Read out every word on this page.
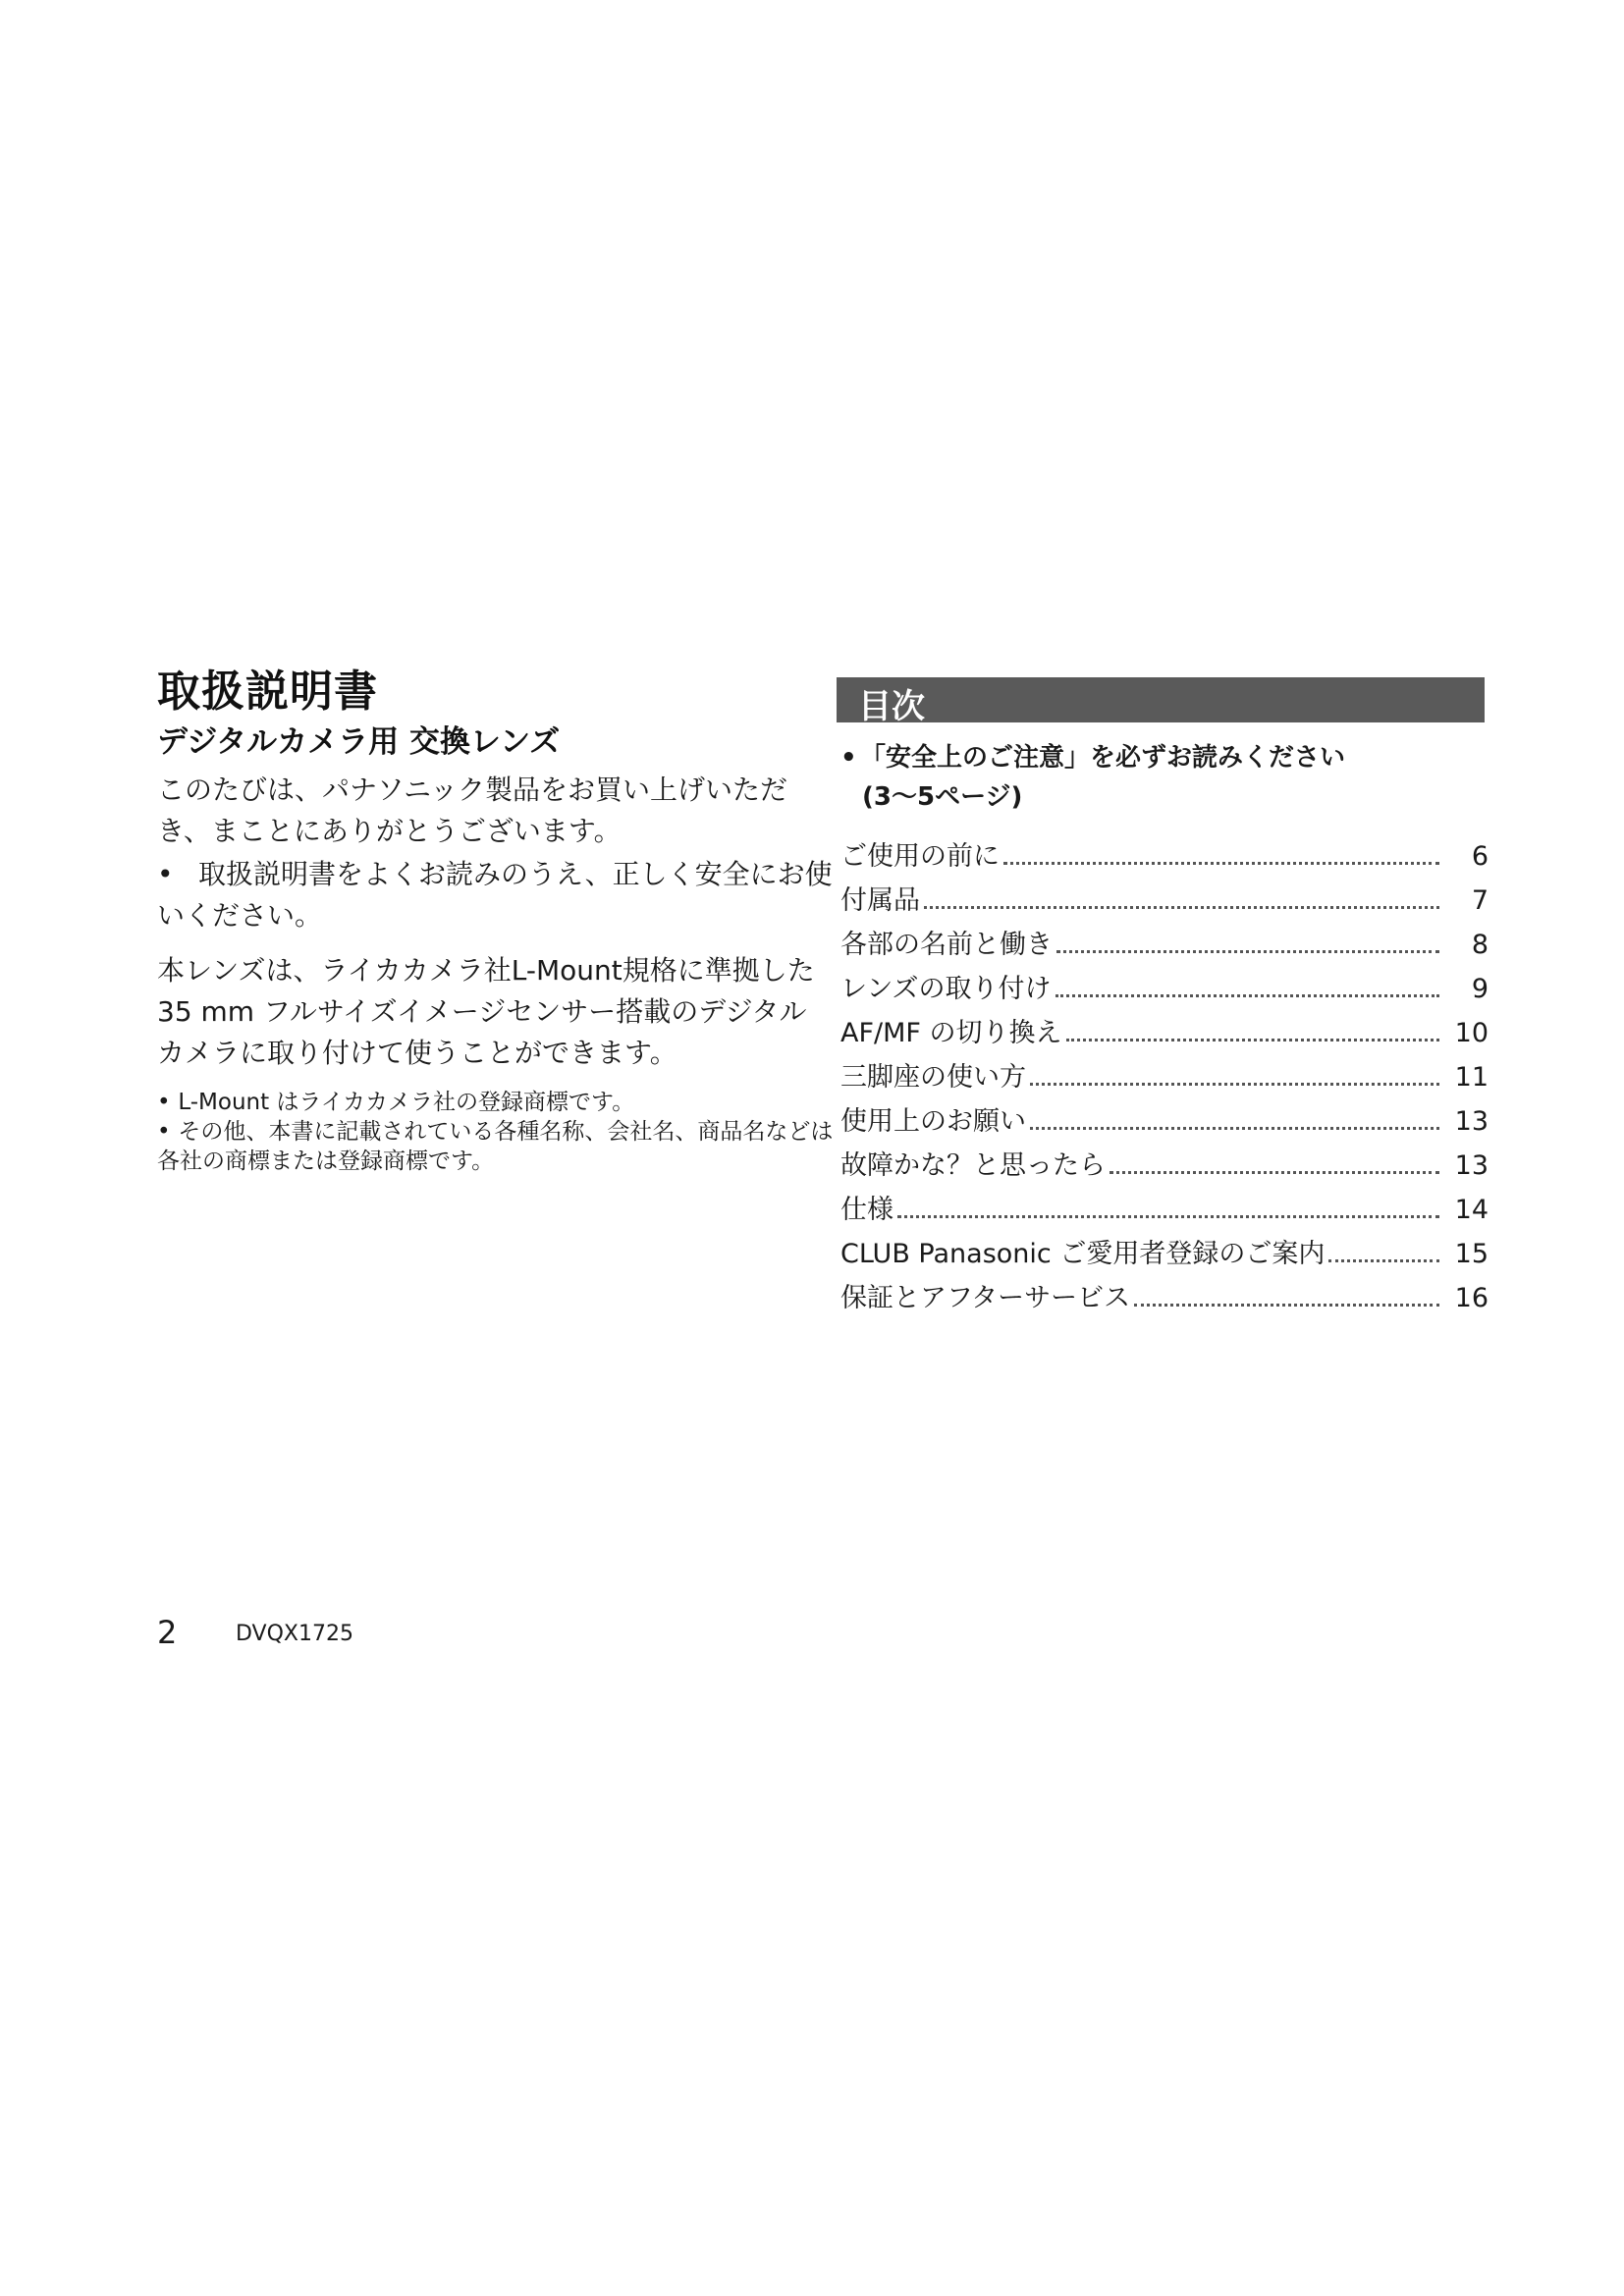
取扱説明書
デジタルカメラ用 交換レンズ
このたびは、パナソニック製品をお買い上げいただき、まことにありがとうございます。
• 取扱説明書をよくお読みのうえ、正しく安全にお使いください。
本レンズは、ライカカメラ社L-Mount規格に準拠した35 mm フルサイズイメージセンサー搭載のデジタルカメラに取り付けて使うことができます。
• L-Mount はライカカメラ社の登録商標です。
• その他、本書に記載されている各種名称、会社名、商品名などは各社の商標または登録商標です。
目次
• 「安全上のご注意」を必ずお読みください
(3〜5ページ)
ご使用の前に	6
付属品	7
各部の名前と働き	8
レンズの取り付け	9
AF/MF の切り換え	10
三脚座の使い方	11
使用上のお願い	13
故障かな？と思ったら	13
仕様	14
CLUB Panasonic ご愛用者登録のご案内	15
保証とアフターサービス	16
2	DVQX1725
